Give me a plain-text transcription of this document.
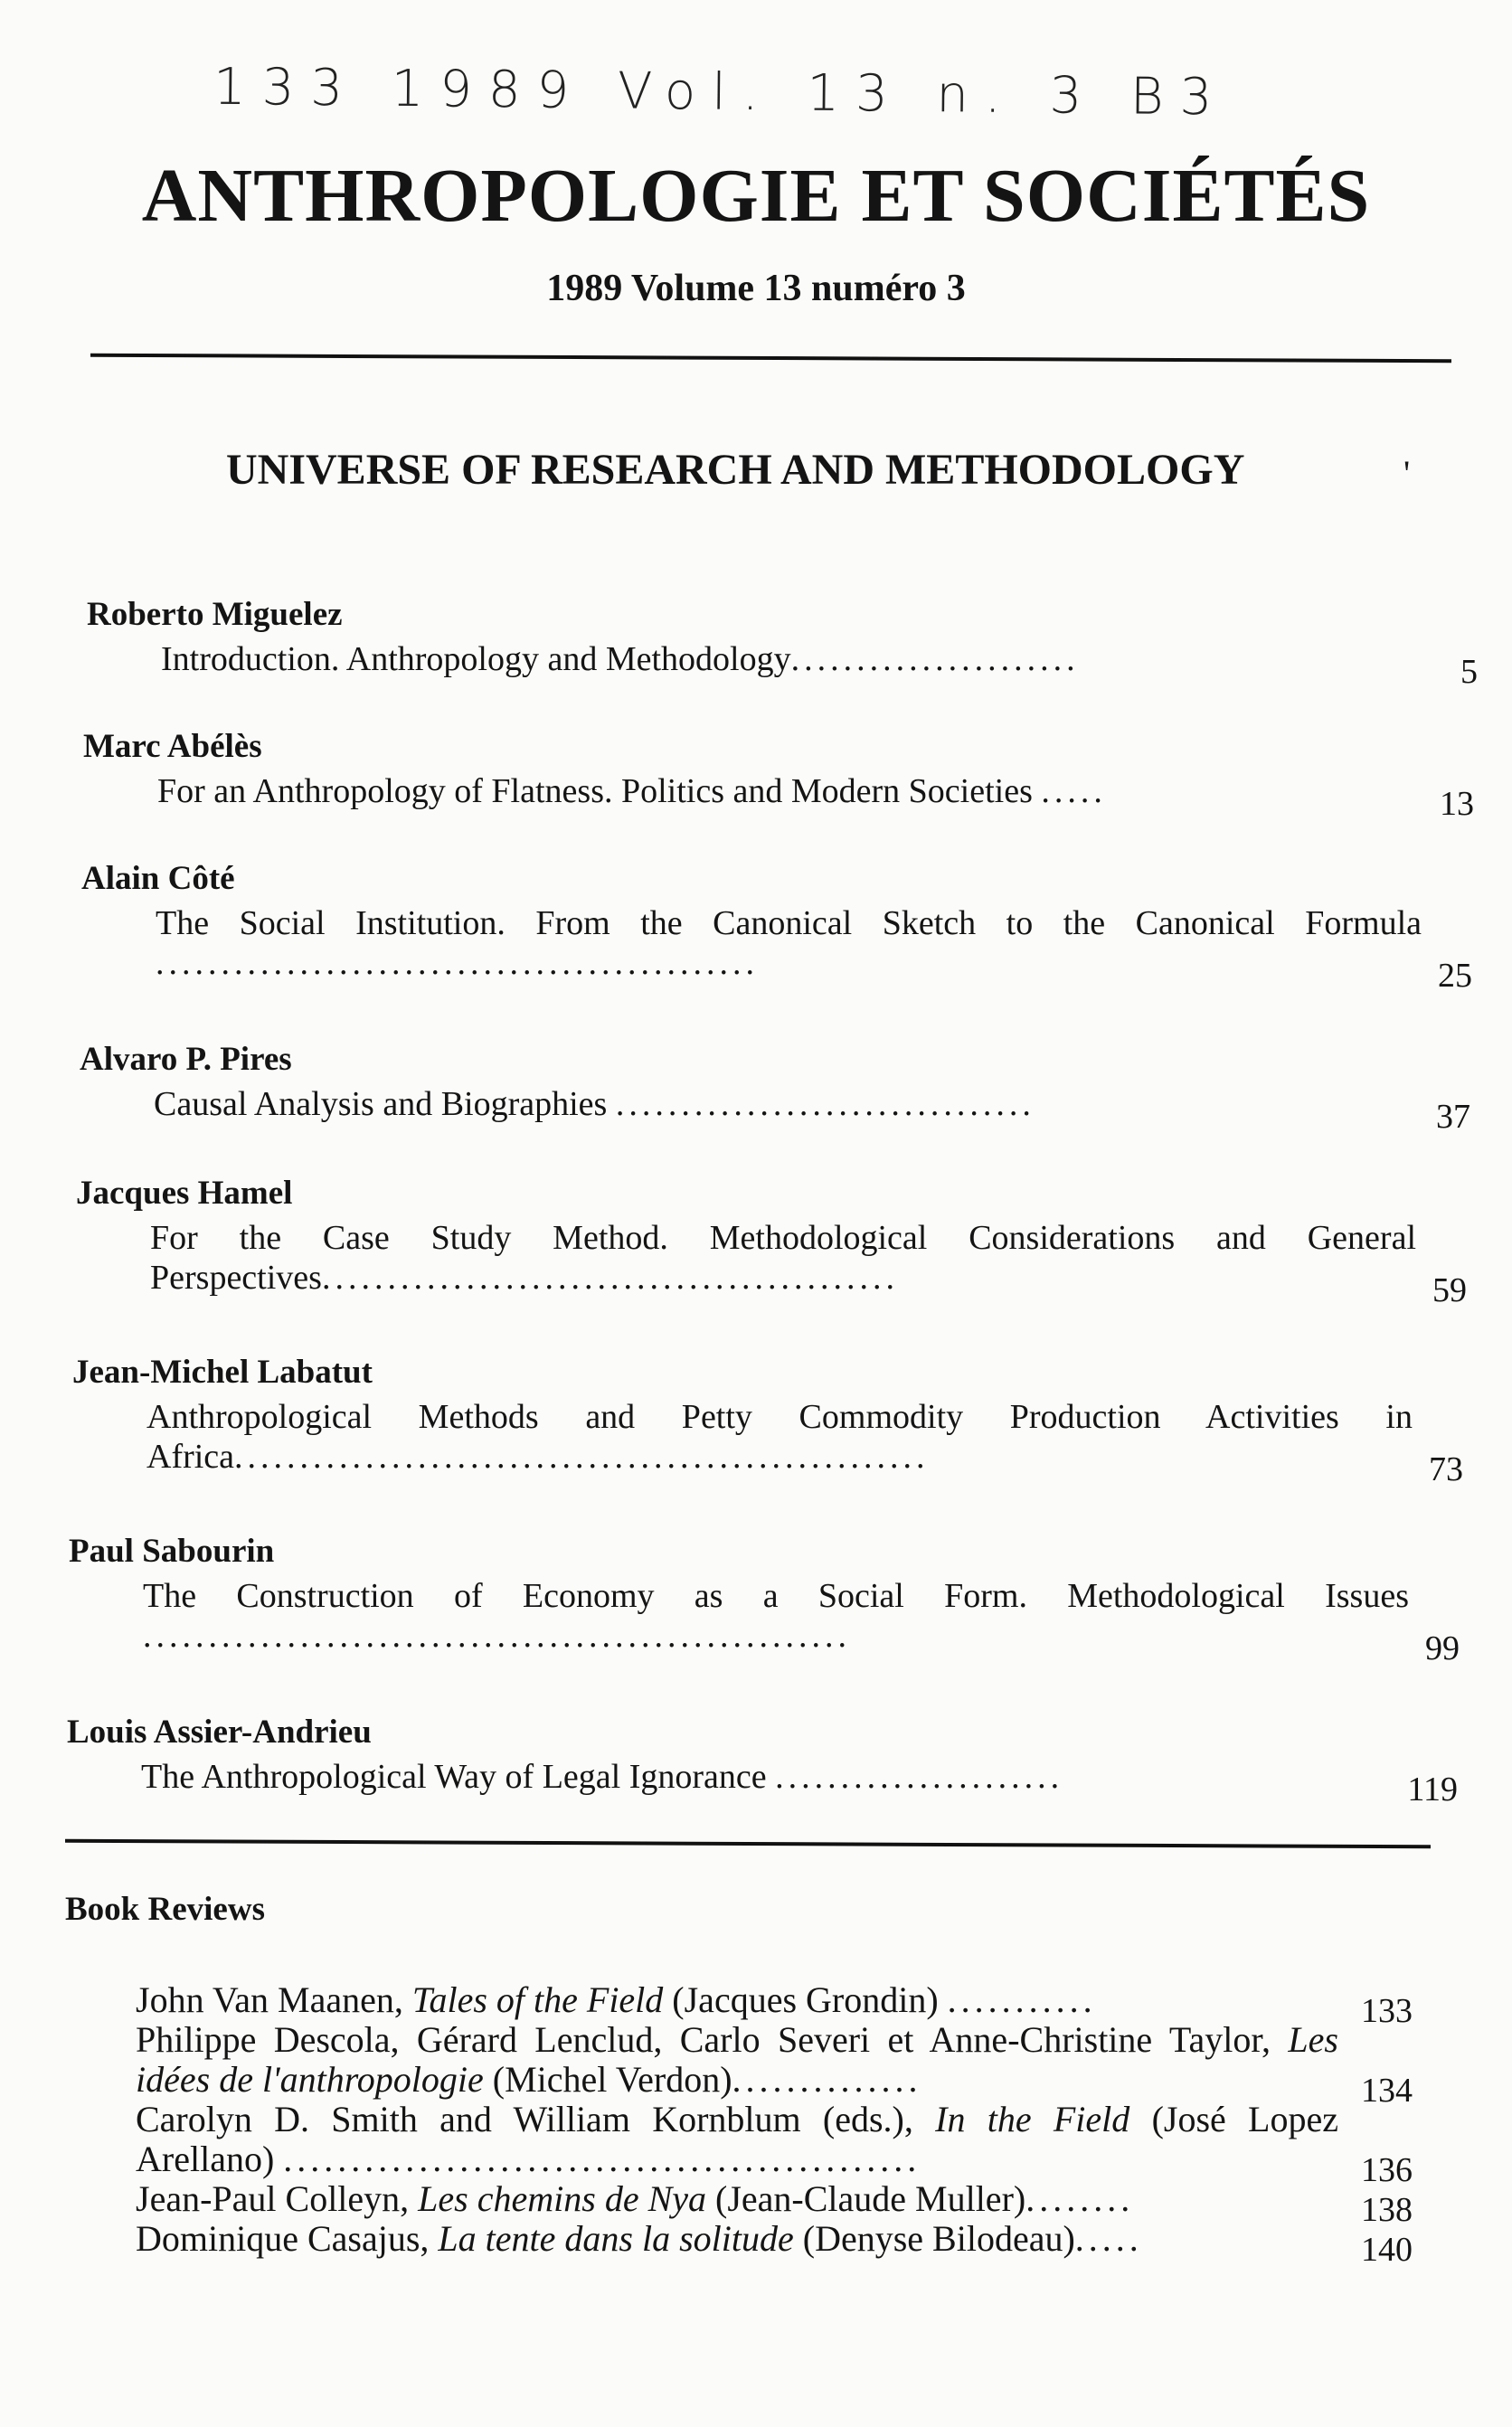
133 1989 Vol. 13 n. 3 B3
ANTHROPOLOGIE ET SOCIÉTÉS
1989 Volume 13 numéro 3
UNIVERSE OF RESEARCH AND METHODOLOGY	'
Roberto Miguelez
Introduction. Anthropology and Methodology......................	5
Marc Abélès
For an Anthropology of Flatness. Politics and Modern Societies .....	13
Alain Côté
The Social Institution. From the Canonical Sketch to the Canonical Formula ..............................................	25
Alvaro P. Pires
Causal Analysis and Biographies ................................	37
Jacques Hamel
For the Case Study Method. Methodological Considerations and General Perspectives............................................	59
Jean-Michel Labatut
Anthropological Methods and Petty Commodity Production Activities in Africa.....................................................	73
Paul Sabourin
The Construction of Economy as a Social Form. Methodological Issues ......................................................	99
Louis Assier-Andrieu
The Anthropological Way of Legal Ignorance ......................	119
Book Reviews
John Van Maanen, Tales of the Field (Jacques Grondin) ...........	133
Philippe Descola, Gérard Lenclud, Carlo Severi et Anne-Christine Taylor, Les idées de l'anthropologie (Michel Verdon)..............	134
Carolyn D. Smith and William Kornblum (eds.), In the Field (José Lopez Arellano) ...............................................	136
Jean-Paul Colleyn, Les chemins de Nya (Jean-Claude Muller)........	138
Dominique Casajus, La tente dans la solitude (Denyse Bilodeau).....	140
